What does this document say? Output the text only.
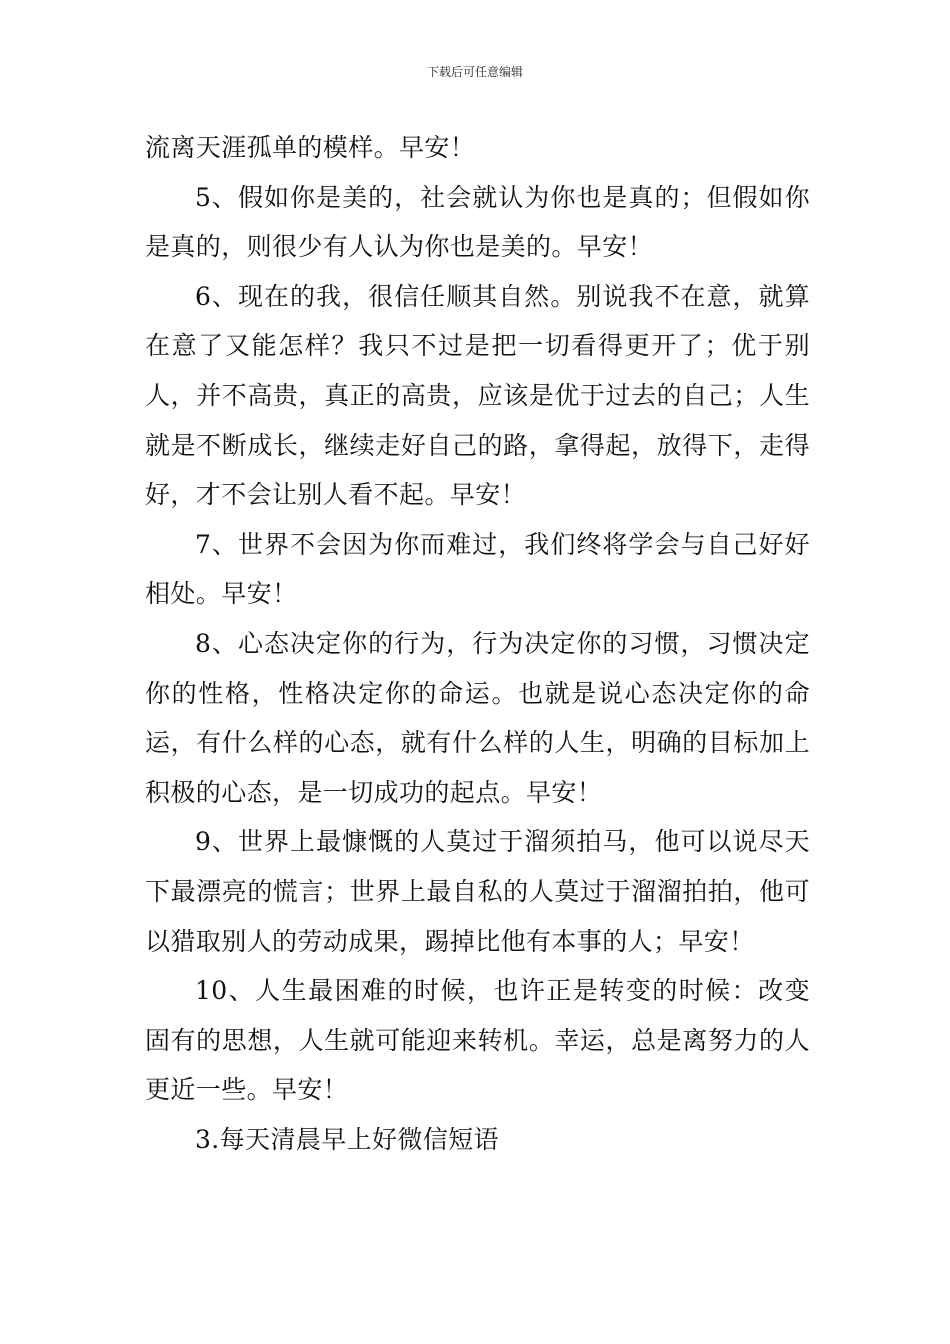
下载后可任意编辑

流离天涯孤单的模样。早安！

5、假如你是美的，社会就认为你也是真的；但假如你是真的，则很少有人认为你也是美的。早安！

6、现在的我，很信任顺其自然。别说我不在意，就算在意了又能怎样？我只不过是把一切看得更开了；优于别人，并不高贵，真正的高贵，应该是优于过去的自己；人生就是不断成长，继续走好自己的路，拿得起，放得下，走得好，才不会让别人看不起。早安！

7、世界不会因为你而难过，我们终将学会与自己好好相处。早安！

8、心态决定你的行为，行为决定你的习惯，习惯决定你的性格，性格决定你的命运。也就是说心态决定你的命运，有什么样的心态，就有什么样的人生，明确的目标加上积极的心态，是一切成功的起点。早安！

9、世界上最慷慨的人莫过于溜须拍马，他可以说尽天下最漂亮的慌言；世界上最自私的人莫过于溜溜拍拍，他可以猎取别人的劳动成果，踢掉比他有本事的人；早安！

10、人生最困难的时候，也许正是转变的时候：改变固有的思想，人生就可能迎来转机。幸运，总是离努力的人更近一些。早安！

3.每天清晨早上好微信短语
